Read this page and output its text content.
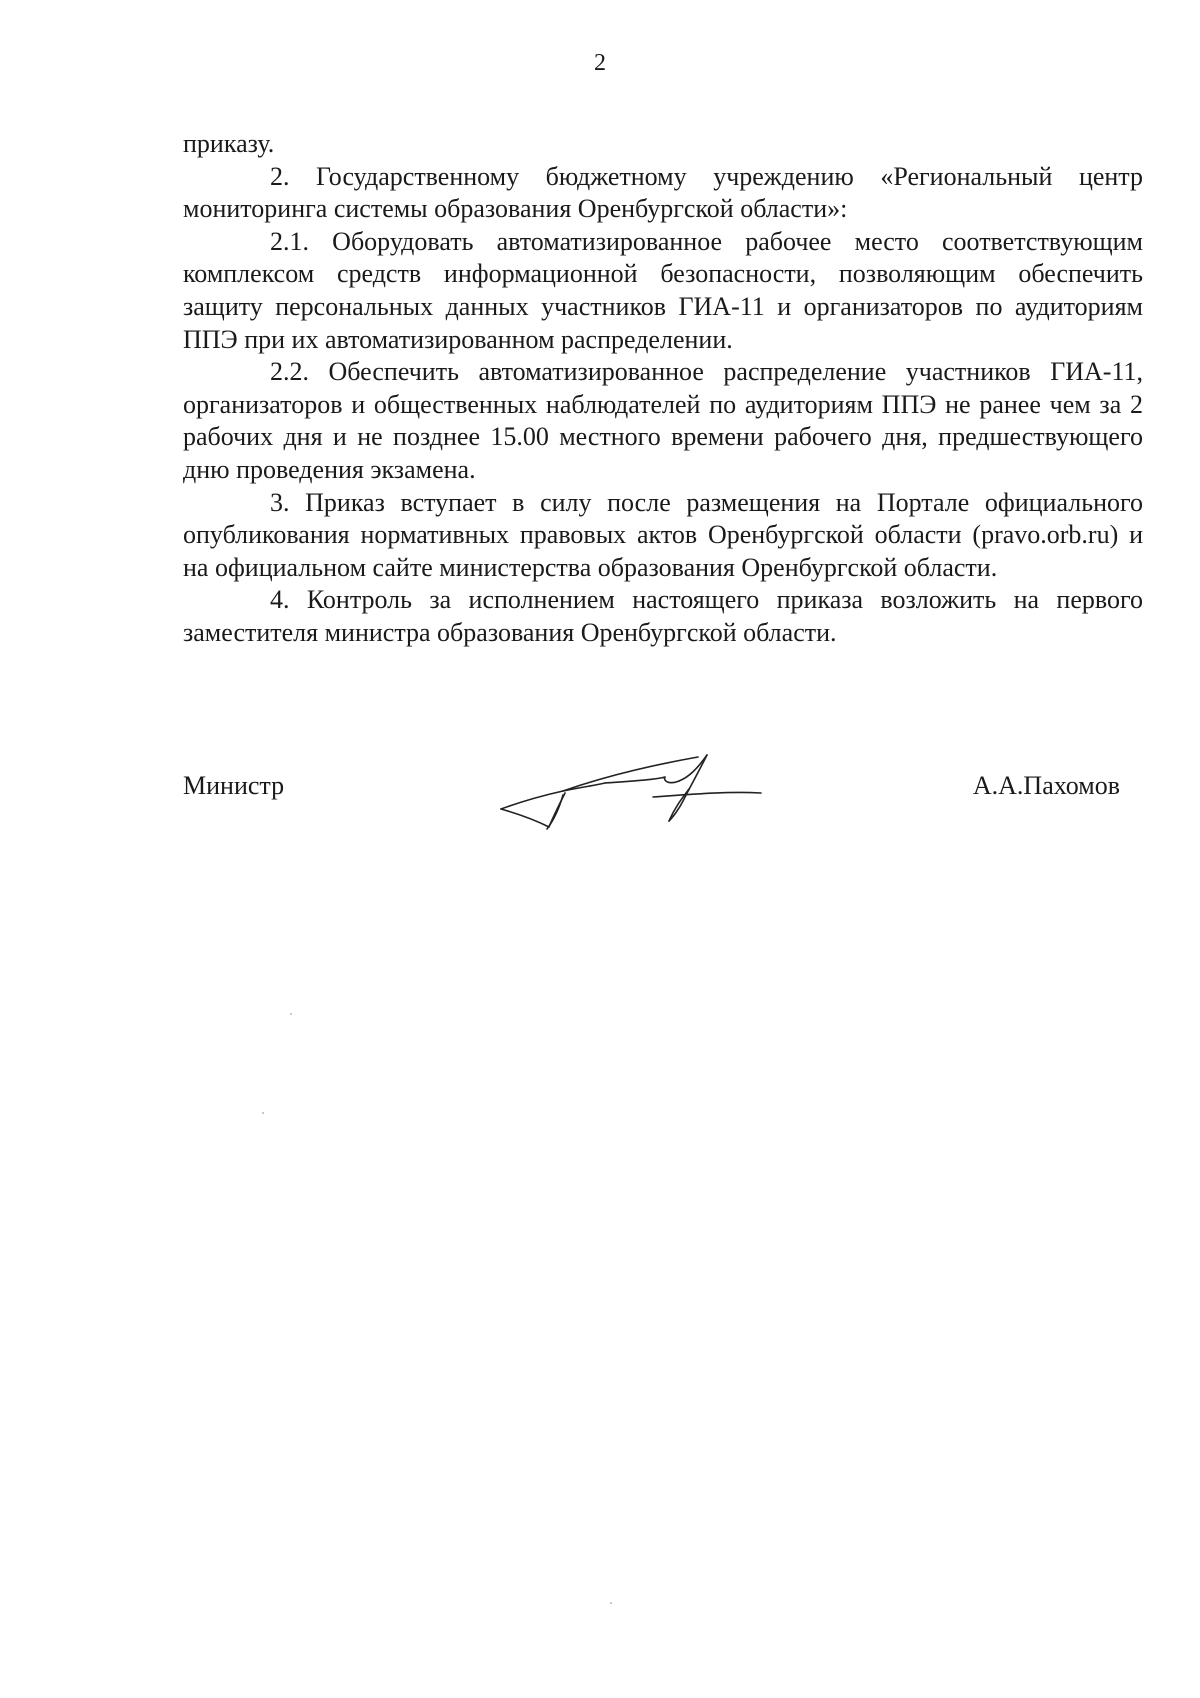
2

приказу.

2. Государственному бюджетному учреждению «Региональный центр мониторинга системы образования Оренбургской области»:

2.1. Оборудовать автоматизированное рабочее место соответствующим комплексом средств информационной безопасности, позволяющим обеспечить защиту персональных данных участников ГИА-11 и организаторов по аудиториям ППЭ при их автоматизированном распределении.

2.2. Обеспечить автоматизированное распределение участников ГИА-11, организаторов и общественных наблюдателей по аудиториям ППЭ не ранее чем за 2 рабочих дня и не позднее 15.00 местного времени рабочего дня, предшествующего дню проведения экзамена.

3. Приказ вступает в силу после размещения на Портале официального опубликования нормативных правовых актов Оренбургской области (pravo.orb.ru) и на официальном сайте министерства образования Оренбургской области.

4. Контроль за исполнением настоящего приказа возложить на первого заместителя министра образования Оренбургской области.

Министр	А.А.Пахомов
